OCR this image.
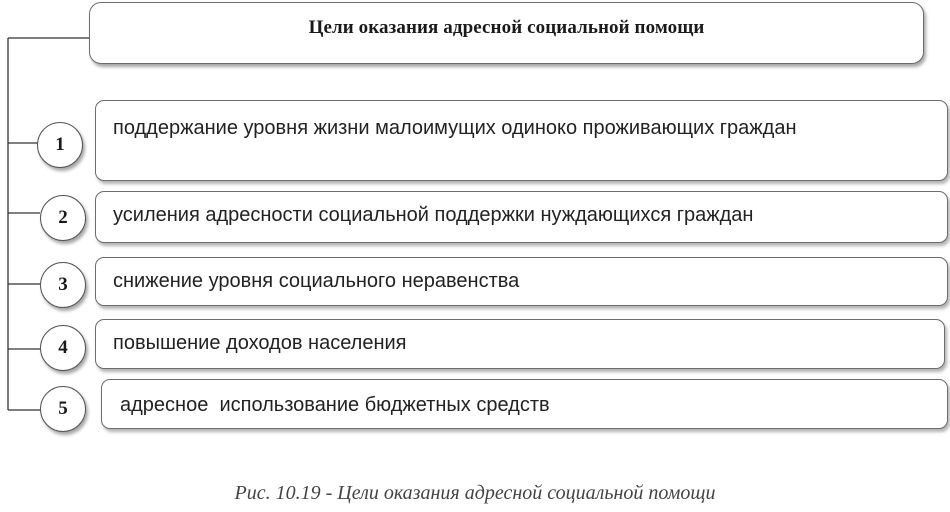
Цели оказания адресной социальной помощи
поддержание уровня жизни малоимущих одиноко проживающих граждан
1
усиления адресности социальной поддержки нуждающихся граждан
2
снижение уровня социального неравенства
3
повышение доходов населения
4
адресное  использование бюджетных средств
5
Рис. 10.19 - Цели оказания адресной социальной помощи
